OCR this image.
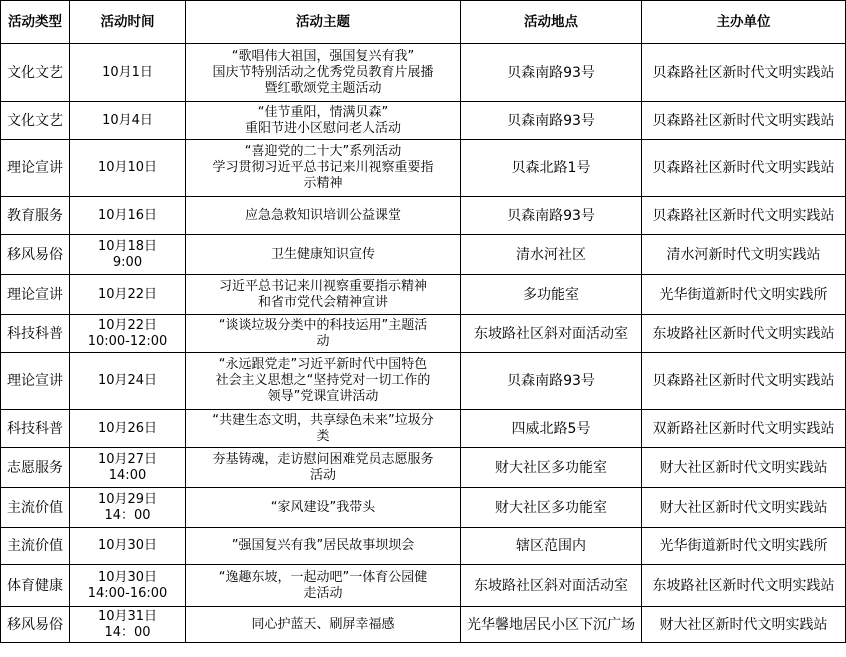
活动类型	活动时间	活动主题	活动地点	主办单位
文化文艺	10月1日	“歌唱伟大祖国，强国复兴有我”
国庆节特别活动之优秀党员教育片展播
暨红歌颂党主题活动	贝森南路93号	贝森路社区新时代文明实践站
文化文艺	10月4日	“佳节重阳，情满贝森”
重阳节进小区慰问老人活动	贝森南路93号	贝森路社区新时代文明实践站
理论宣讲	10月10日	“喜迎党的二十大”系列活动
学习贯彻习近平总书记来川视察重要指
示精神	贝森北路1号	贝森路社区新时代文明实践站
教育服务	10月16日	应急急救知识培训公益课堂	贝森南路93号	贝森路社区新时代文明实践站
移风易俗	10月18日
9:00	卫生健康知识宣传	清水河社区	清水河新时代文明实践站
理论宣讲	10月22日	习近平总书记来川视察重要指示精神
和省市党代会精神宣讲	多功能室	光华街道新时代文明实践所
科技科普	10月22日
10:00-12:00	“谈谈垃圾分类中的科技运用”主题活
动	东坡路社区斜对面活动室	东坡路社区新时代文明实践站
理论宣讲	10月24日	“永远跟党走”习近平新时代中国特色
社会主义思想之“坚持党对一切工作的
领导”党课宣讲活动	贝森南路93号	贝森路社区新时代文明实践站
科技科普	10月26日	“共建生态文明，共享绿色未来”垃圾分
类	四威北路5号	双新路社区新时代文明实践站
志愿服务	10月27日
14:00	夯基铸魂，走访慰问困难党员志愿服务
活动	财大社区多功能室	财大社区新时代文明实践站
主流价值	10月29日
14：00	“家风建设”我带头	财大社区多功能室	财大社区新时代文明实践站
主流价值	10月30日	”强国复兴有我”居民故事坝坝会	辖区范围内	光华街道新时代文明实践所
体育健康	10月30日
14:00-16:00	“逸趣东坡，一起动吧”一体育公园健
走活动	东坡路社区斜对面活动室	东坡路社区新时代文明实践站
移风易俗	10月31日
14：00	同心护蓝天、刷屏幸福感	光华馨地居民小区下沉广场	财大社区新时代文明实践站
